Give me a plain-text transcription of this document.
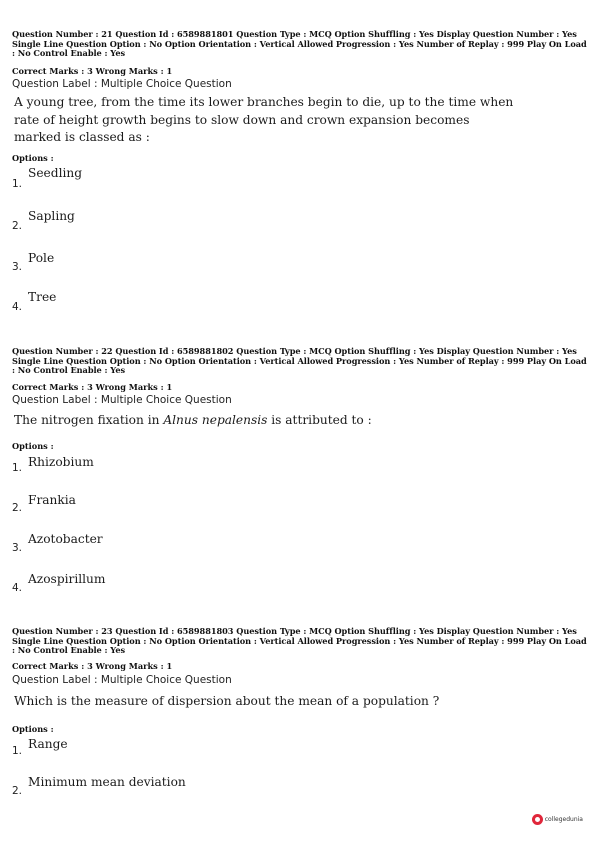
Question Number : 21 Question Id : 6589881801 Question Type : MCQ Option Shuffling : Yes Display Question Number : Yes Single Line Question Option : No Option Orientation : Vertical Allowed Progression : Yes Number of Replay : 999 Play On Load : No Control Enable : Yes
Correct Marks : 3 Wrong Marks : 1
Question Label : Multiple Choice Question
A young tree, from the time its lower branches begin to die, up to the time when rate of height growth begins to slow down and crown expansion becomes marked is classed as :
Options :
1.
Seedling
2.
Sapling
3.
Pole
4.
Tree
Question Number : 22 Question Id : 6589881802 Question Type : MCQ Option Shuffling : Yes Display Question Number : Yes Single Line Question Option : No Option Orientation : Vertical Allowed Progression : Yes Number of Replay : 999 Play On Load : No Control Enable : Yes
Correct Marks : 3 Wrong Marks : 1
Question Label : Multiple Choice Question
The nitrogen fixation in Alnus nepalensis is attributed to :
Options :
1. Rhizobium
2.
Frankia
3.
Azotobacter
4.
Azospirillum
Question Number : 23 Question Id : 6589881803 Question Type : MCQ Option Shuffling : Yes Display Question Number : Yes Single Line Question Option : No Option Orientation : Vertical Allowed Progression : Yes Number of Replay : 999 Play On Load : No Control Enable : Yes
Correct Marks : 3 Wrong Marks : 1
Question Label : Multiple Choice Question
Which is the measure of dispersion about the mean of a population ?
Options :
1. Range
2.
Minimum mean deviation
collegedunia
